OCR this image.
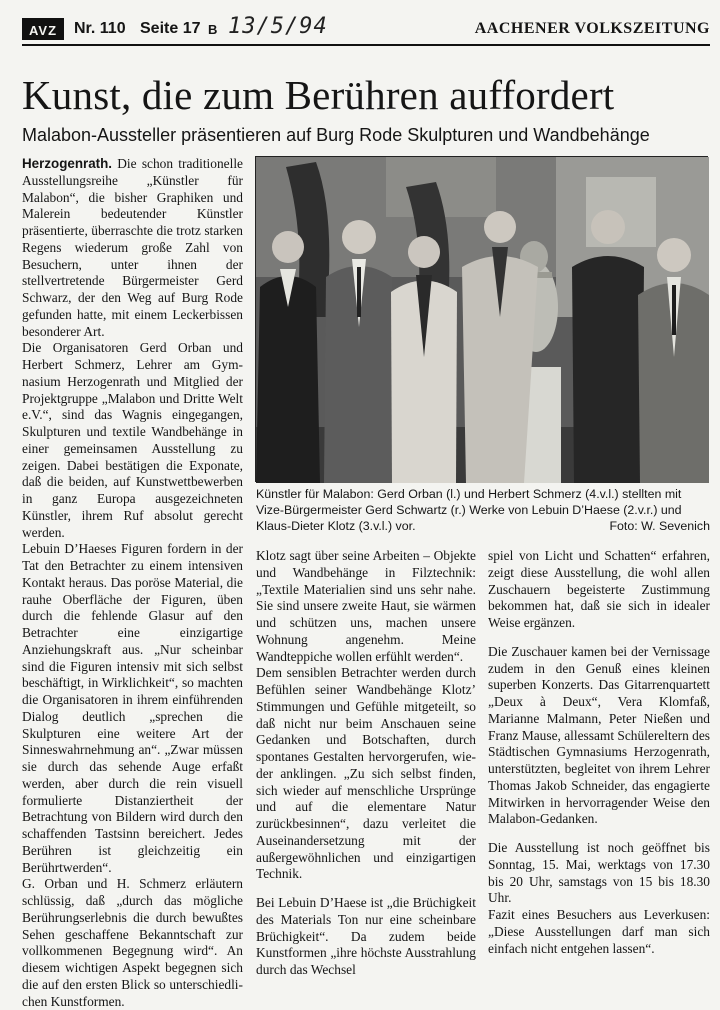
AVZ	Nr. 110 Seite 17 B 13/5/94	AACHENER VOLKSZEITUNG
Kunst, die zum Berühren auffordert
Malabon-Aussteller präsentieren auf Burg Rode Skulpturen und Wandbehänge

Herzogenrath. Die schon traditionelle Ausstellungsreihe „Künstler für Malabon“, die bisher Graphiken und Malerein bedeutender Künstler präsentierte, überraschte die trotz starken Regens wiederum große Zahl von Besuchern, unter ihnen der stellvertretende Bürgermeister Gerd Schwarz, der den Weg auf Burg Rode gefunden hatte, mit einem Leckerbissen besonderer Art.

Die Organisatoren Gerd Orban und Herbert Schmerz, Lehrer am Gymnasium Herzogenrath und Mitglied der Projektgruppe „Malabon und Dritte Welt e.V.“, sind das Wagnis eingegangen, Skulpturen und textile Wandbehänge in einer gemeinsamen Ausstellung zu zeigen. Dabei bestätigen die Exponate, daß die beiden, auf Kunstwettbewerben in ganz Europa ausgezeichneten Künstler, ihrem Ruf absolut gerecht werden.

Lebuin D’Haeses Figuren fordern in der Tat den Betrachter zu einem intensiven Kontakt heraus. Das poröse Material, die rauhe Oberfläche der Figuren, üben durch die fehlende Glasur auf den Betrachter eine einzigartige Anziehungskraft aus. „Nur scheinbar sind die Figuren intensiv mit sich selbst beschäftigt, in Wirklichkeit“, so machten die Organisatoren in ihrem einführenden Dialog deutlich „sprechen die Skulpturen eine weitere Art der Sinneswahrnehmung an“. „Zwar müssen sie durch das sehende Auge erfaßt werden, aber durch die rein visuell formulierte Distanziertheit der Betrachtung von Bildern wird durch den schaffenden Tastsinn bereichert. Jedes Berühren ist gleichzeitig ein Berührtwerden“.

G. Orban und H. Schmerz erläutern schlüssig, daß „durch das mögliche Berührungserlebnis die durch bewußtes Sehen geschaffene Bekanntschaft zur vollkommenen Begegnung wird“. An diesem wichtigen Aspekt begegnen sich die auf den ersten Blick so unterschiedlichen Kunstformen.

Künstler für Malabon: Gerd Orban (l.) und Herbert Schmerz (4.v.l.) stellten mit Vize-Bürgermeister Gerd Schwartz (r.) Werke von Lebuin D’Haese (2.v.r.) und Klaus-Dieter Klotz (3.v.l.) vor.	Foto: W. Sevenich

Klotz sagt über seine Arbeiten – Objekte und Wandbehänge in Filztechnik: „Textile Materialien sind uns sehr nahe. Sie sind unsere zweite Haut, sie wärmen und schützen uns, machen unsere Wohnung angenehm. Meine Wandteppiche wollen erfühlt werden“.

Dem sensiblen Betrachter werden durch Befühlen seiner Wandbehänge Klotz’ Stimmungen und Gefühle mitgeteilt, so daß nicht nur beim Anschauen seine Gedanken und Botschaften, durch spontanes Gestalten hervorgerufen, wieder anklingen. „Zu sich selbst finden, sich wieder auf menschliche Ursprünge und auf die elementare Natur zurückbesinnen“, dazu verleitet die Auseinandersetzung mit der außergewöhnlichen und einzigartigen Technik.

Bei Lebuin D’Haese ist „die Brüchigkeit des Materials Ton nur eine scheinbare Brüchigkeit“. Da zudem beide Kunstformen „ihre höchste Ausstrahlung durch das Wechsel

spiel von Licht und Schatten“ erfahren, zeigt diese Ausstellung, die wohl allen Zuschauern begeisterte Zustimmung bekommen hat, daß sie sich in idealer Weise ergänzen.

Die Zuschauer kamen bei der Vernissage zudem in den Genuß eines kleinen superben Konzerts. Das Gitarrenquartett „Deux à Deux“, Vera Klomfaß, Marianne Malmann, Peter Nießen und Franz Mause, allessamt Schülereltern des Städtischen Gymnasiums Herzogenrath, unterstützten, begleitet von ihrem Lehrer Thomas Jakob Schneider, das engagierte Mitwirken in hervorragender Weise den Malabon-Gedanken.

Die Ausstellung ist noch geöffnet bis Sonntag, 15. Mai, werktags von 17.30 bis 20 Uhr, samstags von 15 bis 18.30 Uhr.

Fazit eines Besuchers aus Leverkusen: „Diese Ausstellungen darf man sich einfach nicht entgehen lassen“.
